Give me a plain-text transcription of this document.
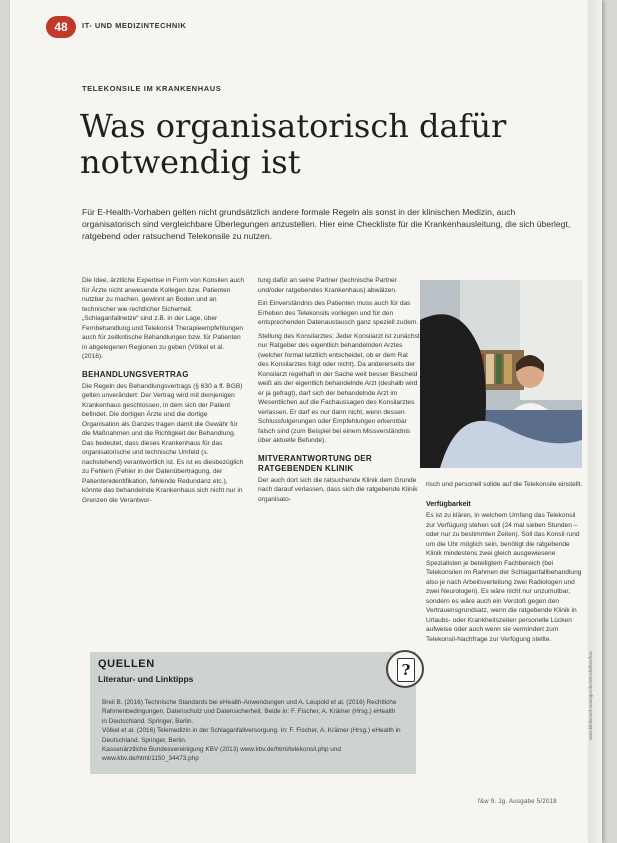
48	IT- UND MEDIZINTECHNIK
TELEKONSILE IM KRANKENHAUS
Was organisatorisch dafür notwendig ist
Für E-Health-Vorhaben gelten nicht grundsätzlich andere formale Regeln als sonst in der klinischen Medizin, auch organisatorisch sind vergleichbare Überlegungen anzustellen. Hier eine Checkliste für die Krankenhausleitung, die sich überlegt, ratgebend oder ratsuchend Telekonsile zu nutzen.

Die Idee, ärztliche Expertise in Form von Konsilen auch für Ärzte nicht anwesende Kollegen bzw. Patienten nutzbar zu machen, gewinnt an Boden und an technischer wie rechtlicher Sicherheit. „Schlaganfallnetze“ sind z.B. in der Lage, über Fernbehandlung und Telekonsil Therapieempfehlungen auch für zeitkritische Behandlungen bzw. für Patienten in abgelegenen Regionen zu geben (Völkel et al. (2016).

BEHANDLUNGSVERTRAG

Die Regeln des Behandlungsvertrags (§ 630 a ff. BGB) gelten unverändert: Der Vertrag wird mit demjenigen Krankenhaus geschlossen, in dem sich der Patient befindet. Die dortigen Ärzte und die dortige Organisation als Ganzes tragen damit die Gewähr für die Maßnahmen und die Richtigkeit der Behandlung. Das bedeutet, dass dieses Krankenhaus für das organisatorische und technische Umfeld (s. nachstehend) verantwortlich ist. Es ist es diesbezüglich zu Fehlern (Fehler in der Datenübertragung, der Patientenidentifikation, fehlende Redundanz etc.), könnte das behandelnde Krankenhaus sich nicht nur in Grenzen die Verantwor-

tung dafür an seine Partner (technische Partner und/oder ratgebendes Krankenhaus) abwälzen.

Ein Einverständnis des Patienten muss auch für das Erheben des Telekonsils vorliegen und für den entsprechenden Datenaustausch ganz speziell zudem.

Stellung des Konsilarztes: Jeder Konsilarzt ist zunächst nur Ratgeber des eigentlich behandelnden Arztes (welcher formal letztlich entscheidet, ob er dem Rat des Konsilarztes folgt oder nicht). Da andererseits der Konsilarzt regelhaft in der Sache weit besser Bescheid weiß als der eigentlich behandelnde Arzt (deshalb wird er ja gefragt), darf sich der behandelnde Arzt im Wesentlichen auf die Fachaussagen des Konsilarztes verlassen. Er darf es nur dann nicht, wenn dessen Schlussfolgerungen oder Empfehlungen erkennbar falsch sind (zum Beispiel bei einem Missverständnis über aktuelle Befunde).

MITVERANTWORTUNG DER RATGEBENDEN KLINIK

Der auch dort sich die ratsuchende Klinik dem Grunde nach darauf verlassen, dass sich die ratgebende Klinik organisato-

risch und personell solide auf die Telekonsile einstellt.

Verfügbarkeit

Es ist zu klären, in welchem Umfang das Telekonsil zur Verfügung stehen soll (24 mal sieben Stunden – oder nur zu bestimmten Zeiten). Soll das Konsil rund um die Uhr möglich sein, benötigt die ratgebende Klinik mindestens zwei gleich ausgewiesene Spezialisten je beteiligtem Fachbereich (bei Telekonsilen im Rahmen der Schlaganfallbehandlung also je nach Arbeitsverteilung zwei Radiologen und zwei Neurologen). Es wäre nicht nur unzumutbar, sondern es wäre auch ein Verstoß gegen den Vertrauensgrundsatz, wenn die ratgebende Klinik in Urlaubs- oder Krankheitszeiten personelle Lücken aufweise oder auch wenn sie vermindert zum Telekonsil-Nachfrage zur Verfügung stellte.

QUELLEN
Literatur- und Linktipps
Breil B. (2016) Technische Standards bei eHealth-Anwendungen und A. Leupold et al. (2016) Rechtliche Rahmenbedingungen, Datenschutz und Datensicherheit. Beide in: F. Fischer, A. Krämer (Hrsg.) eHealth in Deutschland. Springer, Berlin.
Völkel et al. (2016) Telemedizin in der Schlaganfallversorgung. In: F. Fischer, A. Krämer (Hrsg.) eHealth in Deutschland. Springer, Berlin.
Kassenärztliche Bundesvereinigung KBV (2013) www.kbv.de/html/telekonsil.php und www.kbv.de/html/1150_34473.php
?
f&w 9. Jg. Ausgabe 5/2018
www.bibliomed-manager.de/zeitschriften/fuw
